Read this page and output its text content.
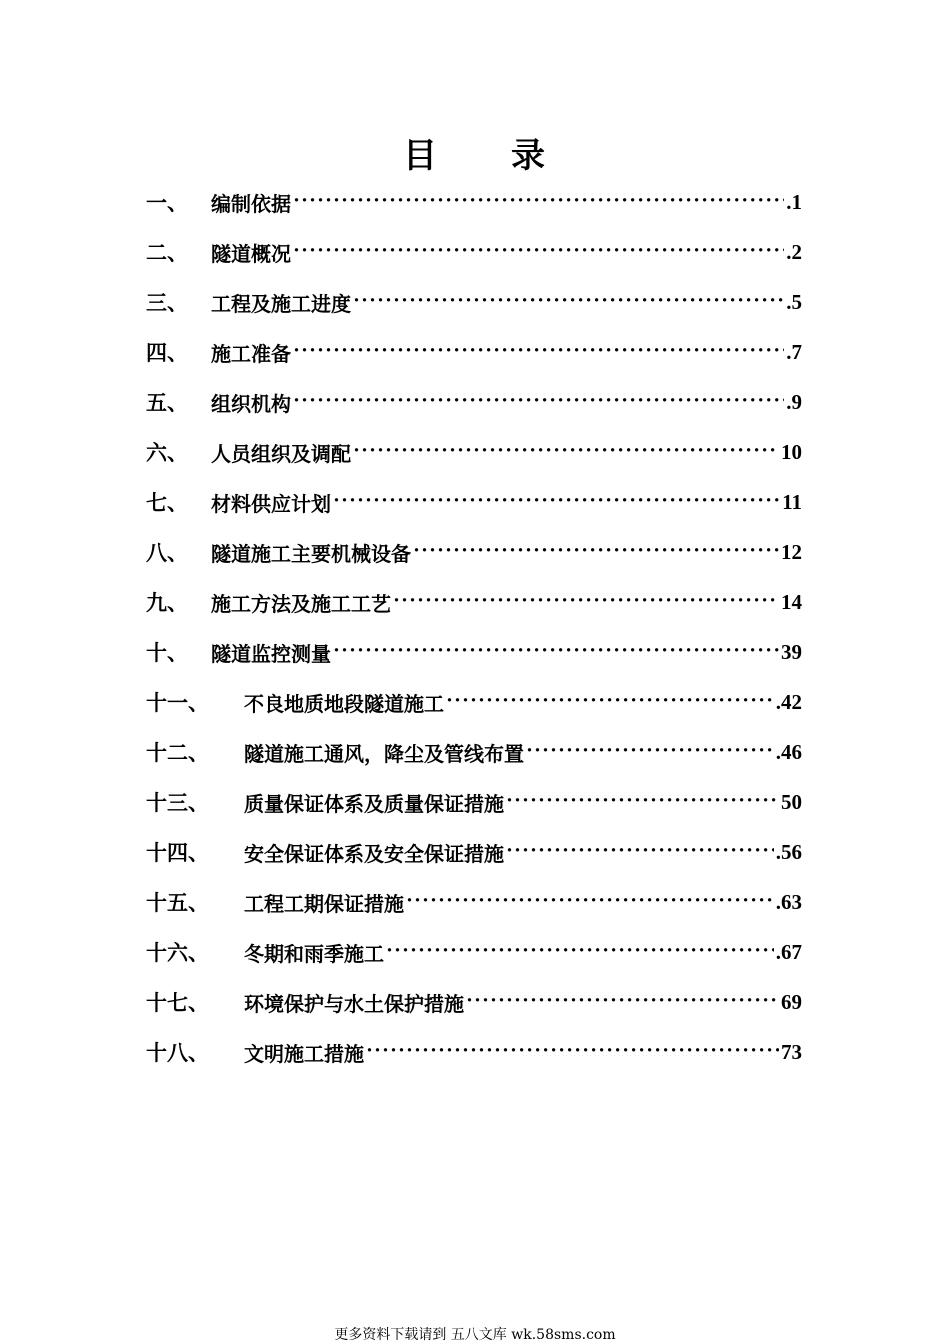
目　　录
一、	编制依据 ·····	.1
二、	隧道概况 ·····	.2
三、	工程及施工进度 ·····	.5
四、	施工准备 ·····	.7
五、	组织机构 ·····	.9
六、	人员组织及调配 ·····	10
七、	材料供应计划 ·····	11
八、	隧道施工主要机械设备 ·····	12
九、	施工方法及施工工艺 ·····	14
十、	隧道监控测量 ·····	39
十一、	不良地质地段隧道施工 ·····	.42
十二、	隧道施工通风，降尘及管线布置 ·····	.46
十三、	质量保证体系及质量保证措施 ·····	50
十四、	安全保证体系及安全保证措施 ·····	.56
十五、	工程工期保证措施 ·····	.63
十六、	冬期和雨季施工 ·····	.67
十七、	环境保护与水土保护措施 ·····	69
十八、	文明施工措施 ·····	73
更多资料下载请到 五八文库 wk.58sms.com
